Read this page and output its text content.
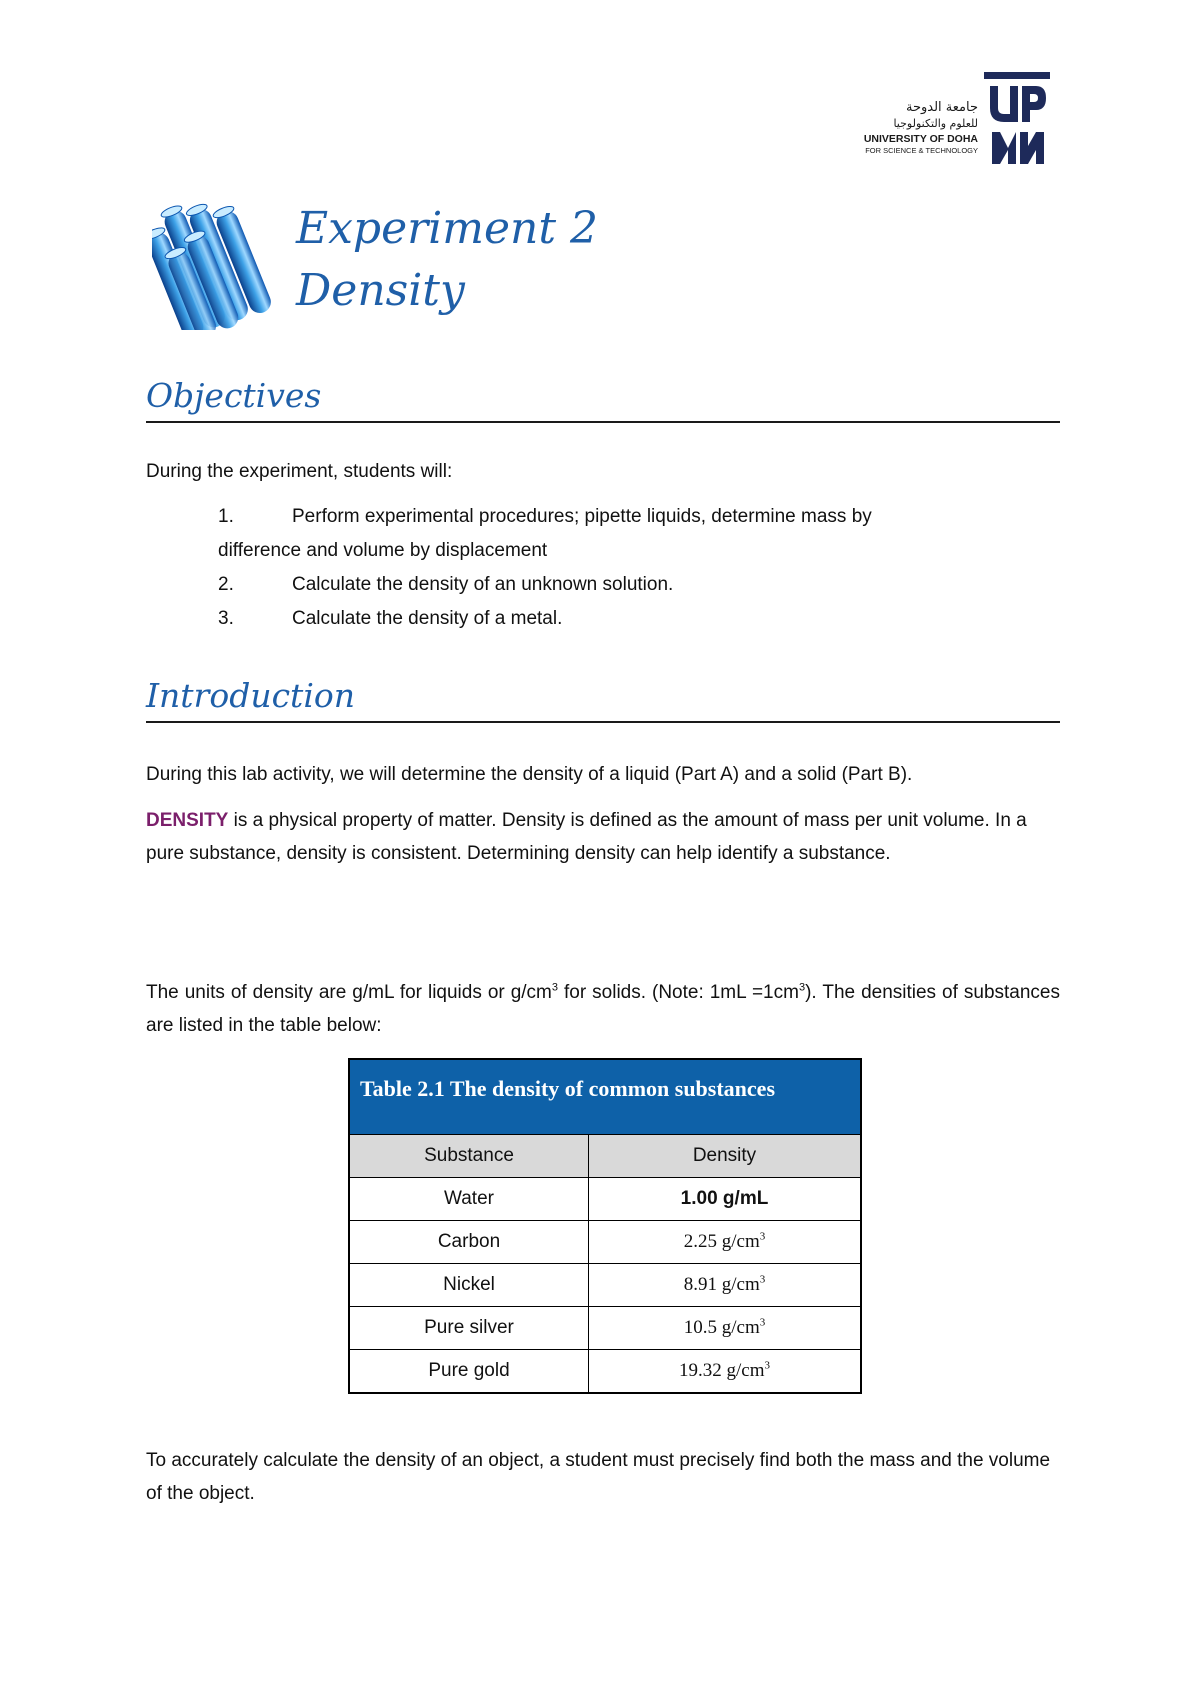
جامعة الدوحة
للعلوم والتكنولوجيا
UNIVERSITY OF DOHA
FOR SCIENCE & TECHNOLOGY
Experiment 2
Density
Objectives
During the experiment, students will:
1.	Perform experimental procedures; pipette liquids, determine mass by
difference and volume by displacement
2.	Calculate the density of an unknown solution.
3.	Calculate the density of a metal.
Introduction
During this lab activity, we will determine the density of a liquid (Part A) and a solid (Part B).
DENSITY is a physical property of matter. Density is defined as the amount of mass per unit volume. In a pure substance, density is consistent. Determining density can help identify a substance.
The units of density are g/mL for liquids or $g/cm^3$ for solids. (Note: $1mL =1cm^3$). The densities of substances are listed in the table below:
Table 2.1 The density of common substances	
Substance	Density
Water	1.00 g/mL
Carbon	2.25 $g/cm^3$
Nickel	8.91 $g/cm^3$
Pure silver	10.5 $g/cm^3$
Pure gold	19.32 $g/cm^3$
To accurately calculate the density of an object, a student must precisely find both the mass and the volume of the object.
